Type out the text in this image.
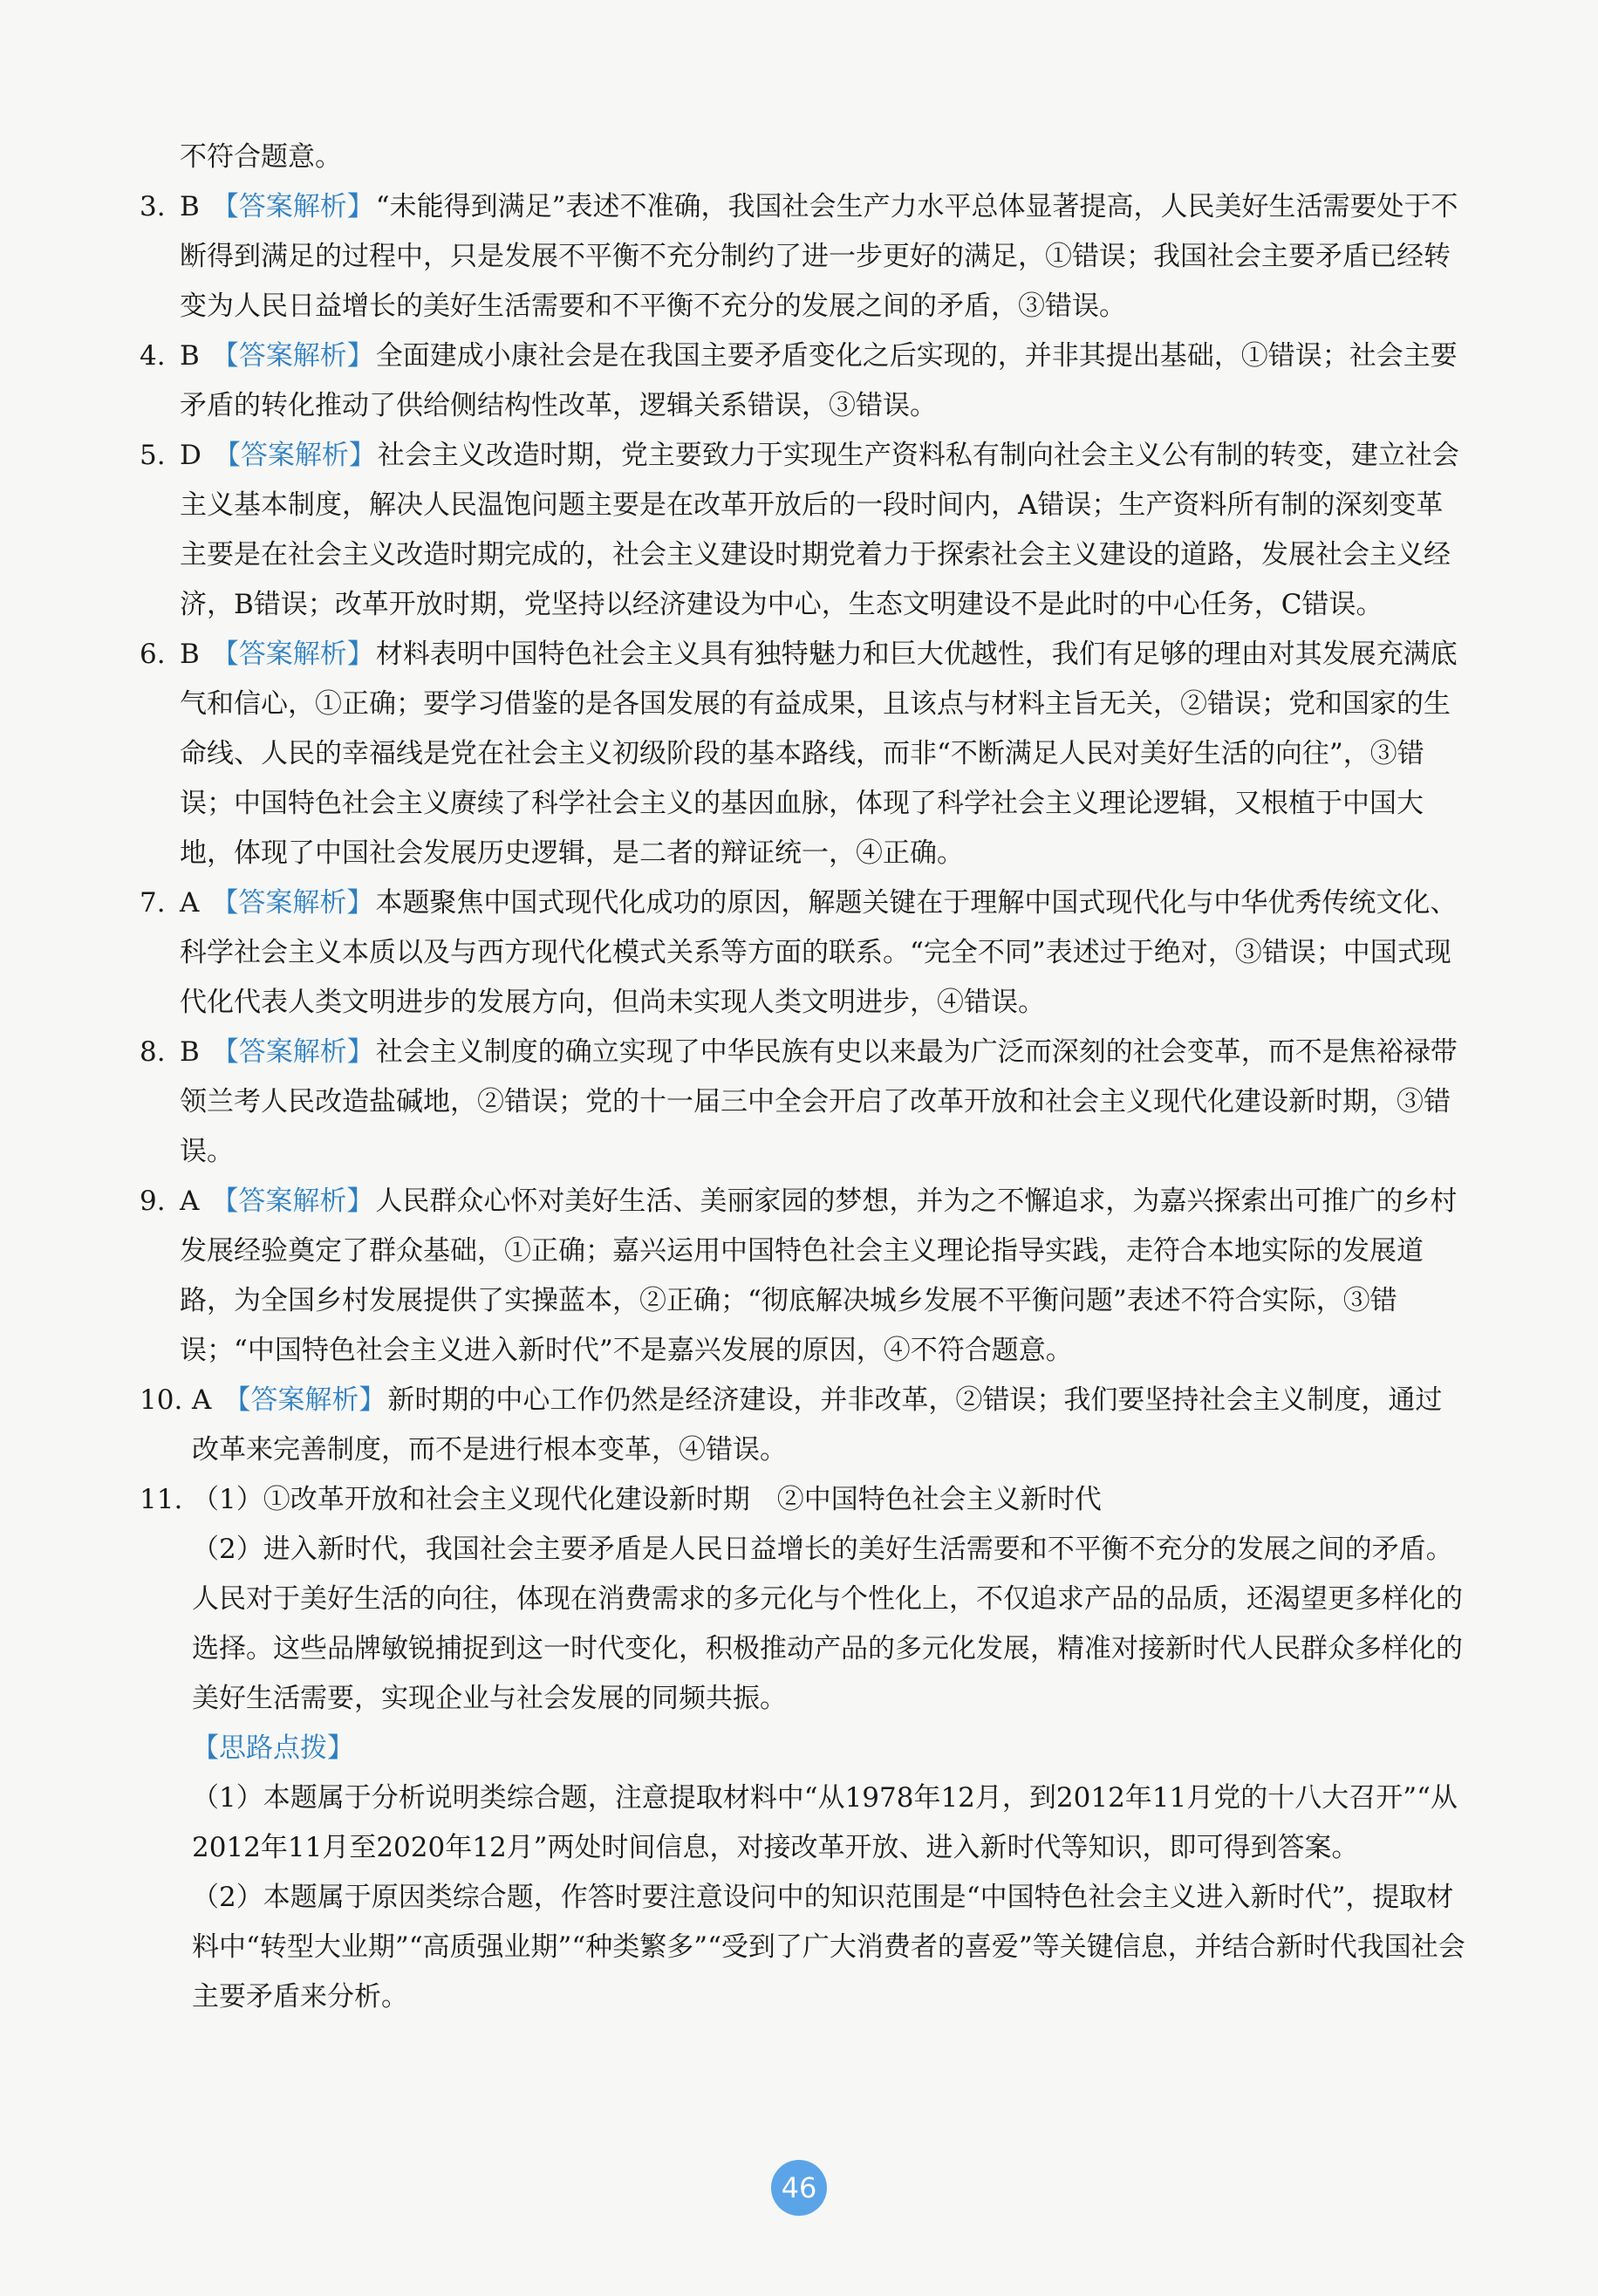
不符合题意。

3. B 【答案解析】“未能得到满足”表述不准确，我国社会生产力水平总体显著提高，人民美好生活需要处于不断得到满足的过程中，只是发展不平衡不充分制约了进一步更好的满足，①错误；我国社会主要矛盾已经转变为人民日益增长的美好生活需要和不平衡不充分的发展之间的矛盾，③错误。

4. B 【答案解析】全面建成小康社会是在我国主要矛盾变化之后实现的，并非其提出基础，①错误；社会主要矛盾的转化推动了供给侧结构性改革，逻辑关系错误，③错误。

5. D 【答案解析】社会主义改造时期，党主要致力于实现生产资料私有制向社会主义公有制的转变，建立社会主义基本制度，解决人民温饱问题主要是在改革开放后的一段时间内，A错误；生产资料所有制的深刻变革主要是在社会主义改造时期完成的，社会主义建设时期党着力于探索社会主义建设的道路，发展社会主义经济，B错误；改革开放时期，党坚持以经济建设为中心，生态文明建设不是此时的中心任务，C错误。

6. B 【答案解析】材料表明中国特色社会主义具有独特魅力和巨大优越性，我们有足够的理由对其发展充满底气和信心，①正确；要学习借鉴的是各国发展的有益成果，且该点与材料主旨无关，②错误；党和国家的生命线、人民的幸福线是党在社会主义初级阶段的基本路线，而非“不断满足人民对美好生活的向往”，③错误；中国特色社会主义赓续了科学社会主义的基因血脉，体现了科学社会主义理论逻辑，又根植于中国大地，体现了中国社会发展历史逻辑，是二者的辩证统一，④正确。

7. A 【答案解析】本题聚焦中国式现代化成功的原因，解题关键在于理解中国式现代化与中华优秀传统文化、科学社会主义本质以及与西方现代化模式关系等方面的联系。“完全不同”表述过于绝对，③错误；中国式现代化代表人类文明进步的发展方向，但尚未实现人类文明进步，④错误。

8. B 【答案解析】社会主义制度的确立实现了中华民族有史以来最为广泛而深刻的社会变革，而不是焦裕禄带领兰考人民改造盐碱地，②错误；党的十一届三中全会开启了改革开放和社会主义现代化建设新时期，③错误。

9. A 【答案解析】人民群众心怀对美好生活、美丽家园的梦想，并为之不懈追求，为嘉兴探索出可推广的乡村发展经验奠定了群众基础，①正确；嘉兴运用中国特色社会主义理论指导实践，走符合本地实际的发展道路，为全国乡村发展提供了实操蓝本，②正确；“彻底解决城乡发展不平衡问题”表述不符合实际，③错误；“中国特色社会主义进入新时代”不是嘉兴发展的原因，④不符合题意。

10. A 【答案解析】新时期的中心工作仍然是经济建设，并非改革，②错误；我们要坚持社会主义制度，通过改革来完善制度，而不是进行根本变革，④错误。

11. （1）①改革开放和社会主义现代化建设新时期　②中国特色社会主义新时代

（2）进入新时代，我国社会主要矛盾是人民日益增长的美好生活需要和不平衡不充分的发展之间的矛盾。人民对于美好生活的向往，体现在消费需求的多元化与个性化上，不仅追求产品的品质，还渴望更多样化的选择。这些品牌敏锐捕捉到这一时代变化，积极推动产品的多元化发展，精准对接新时代人民群众多样化的美好生活需要，实现企业与社会发展的同频共振。

【思路点拨】

（1）本题属于分析说明类综合题，注意提取材料中“从1978年12月，到2012年11月党的十八大召开”“从2012年11月至2020年12月”两处时间信息，对接改革开放、进入新时代等知识，即可得到答案。

（2）本题属于原因类综合题，作答时要注意设问中的知识范围是“中国特色社会主义进入新时代”，提取材料中“转型大业期”“高质强业期”“种类繁多”“受到了广大消费者的喜爱”等关键信息，并结合新时代我国社会主要矛盾来分析。

46
